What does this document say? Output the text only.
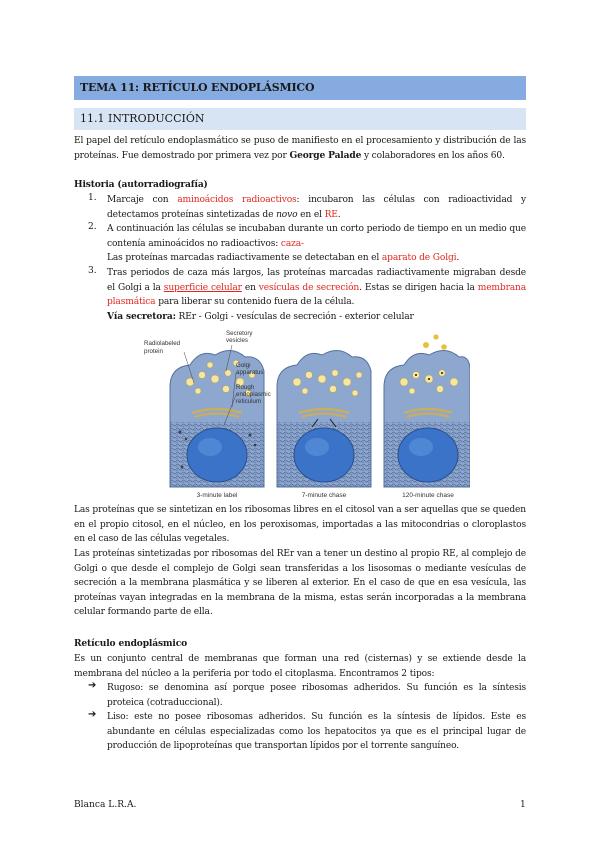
TEMA 11: RETÍCULO ENDOPLÁSMICO
11.1 INTRODUCCIÓN
El papel del retículo endoplasmático se puso de manifiesto en el procesamiento y distribución de las proteínas. Fue demostrado por primera vez por George Palade y colaboradores en los años 60.
Historia (autorradiografía)
1. Marcaje con aminoácidos radioactivos: incubaron las células con radioactividad y detectamos proteínas sintetizadas de novo en el RE.
2. A continuación las células se incubaban durante un corto periodo de tiempo en un medio que contenía aminoácidos no radioactivos: caza-
Las proteínas marcadas radiactivamente se detectaban en el aparato de Golgi.
3. Tras periodos de caza más largos, las proteínas marcadas radiactivamente migraban desde el Golgi a la superficie celular en vesículas de secreción. Estas se dirigen hacia la membrana plasmática para liberar su contenido fuera de la célula.
Vía secretora: REr - Golgi - vesículas de secreción - exterior celular
Radiolabeled
protein
Secretory
vesicles
Golgi
apparatus
Rough
endoplasmic
reticulum
3-minute label	7-minute chase	120-minute chase
Las proteínas que se sintetizan en los ribosomas libres en el citosol van a ser aquellas que se queden en el propio citosol, en el núcleo, en los peroxisomas, importadas a las mitocondrias o cloroplastos en el caso de las células vegetales.
Las proteínas sintetizadas por ribosomas del REr van a tener un destino al propio RE, al complejo de Golgi o que desde el complejo de Golgi sean transferidas a los lisosomas o mediante vesículas de secreción a la membrana plasmática y se liberen al exterior. En el caso de que en esa vesícula, las proteínas vayan integradas en la membrana de la misma, estas serán incorporadas a la membrana celular formando parte de ella.
Retículo endoplásmico
Es un conjunto central de membranas que forman una red (cisternas) y se extiende desde la membrana del núcleo a la periferia por todo el citoplasma. Encontramos 2 tipos:
➔ Rugoso: se denomina así porque posee ribosomas adheridos. Su función es la síntesis proteica (cotraduccional).
➔ Liso: este no posee ribosomas adheridos. Su función es la síntesis de lípidos. Este es abundante en células especializadas como los hepatocitos ya que es el principal lugar de producción de lipoproteínas que transportan lípidos por el torrente sanguíneo.
Blanca L.R.A.	1
